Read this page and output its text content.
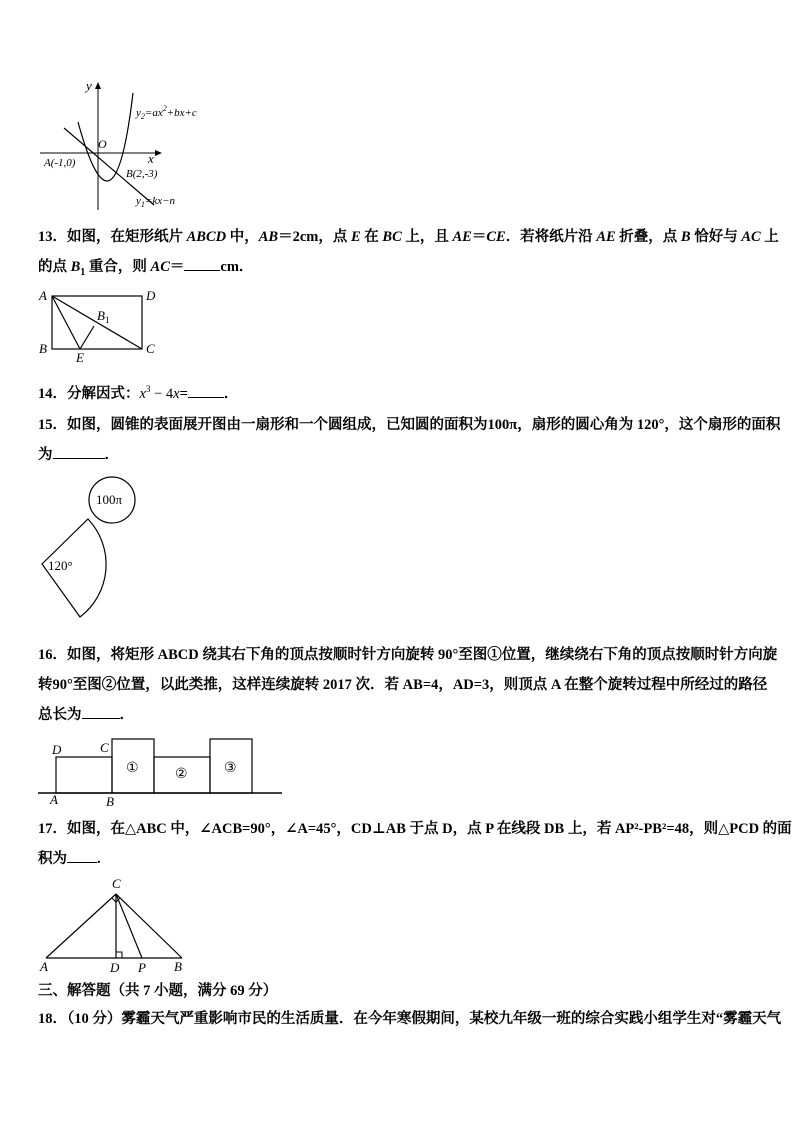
y
x
O
$y_2=ax^2+bx+c$
A(-1,0)
B(2,-3)
$y_1=kx-n$
13．如图，在矩形纸片 ABCD 中，AB＝2cm，点 E 在 BC 上，且 AE＝CE．若将纸片沿 AE 折叠，点 B 恰好与 AC 上
的点 $B_1$ 重合，则 AC＝ cm．
A	D
B	C
E
$B_1$
14．分解因式：$x^3 - 4x=$ ．
15．如图，圆锥的表面展开图由一扇形和一个圆组成，已知圆的面积为100π，扇形的圆心角为 120°，这个扇形的面积
为	．
100π
120°
16．如图，将矩形 ABCD 绕其右下角的顶点按顺时针方向旋转 90°至图①位置，继续绕右下角的顶点按顺时针方向旋
转90°至图②位置，以此类推，这样连续旋转 2017 次．若 AB=4，AD=3，则顶点 A 在整个旋转过程中所经过的路径
总长为	．
D	C
A	B
①	②	③
17．如图，在△ABC 中，∠ACB=90°，∠A=45°，CD⊥AB 于点 D，点 P 在线段 DB 上，若 AP²-PB²=48，则△PCD 的面
积为 .
C
A	D P B
三、解答题（共 7 小题，满分 69 分）
18．（10 分）雾霾天气严重影响市民的生活质量．在今年寒假期间，某校九年级一班的综合实践小组学生对“雾霾天气
